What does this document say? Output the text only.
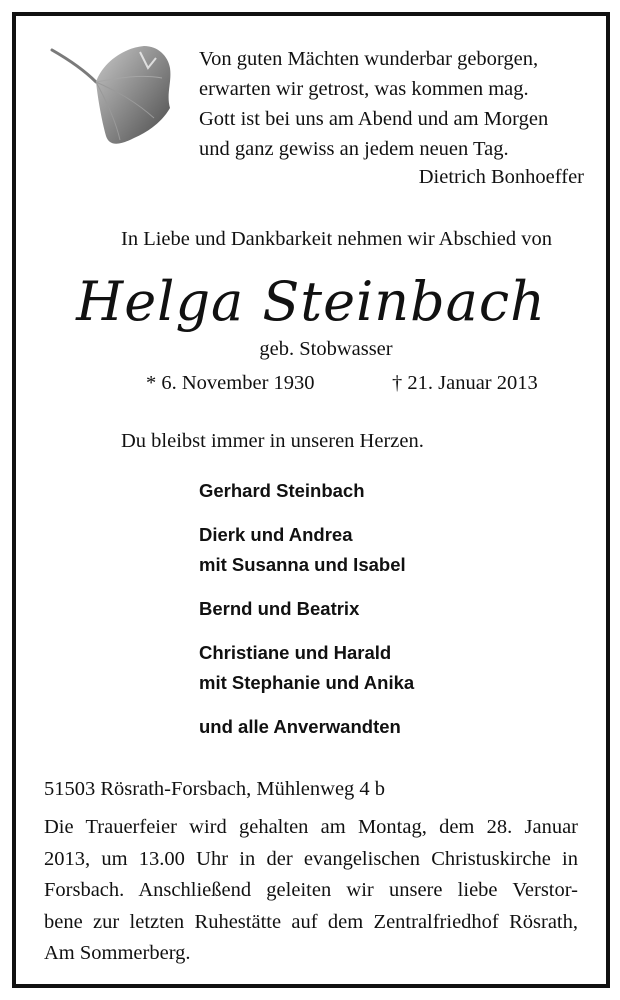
Von guten Mächten wunderbar geborgen,
erwarten wir getrost, was kommen mag.
Gott ist bei uns am Abend und am Morgen
und ganz gewiss an jedem neuen Tag.
Dietrich Bonhoeffer
In Liebe und Dankbarkeit nehmen wir Abschied von
Helga Steinbach
geb. Stobwasser
* 6. November 1930	† 21. Januar 2013
Du bleibst immer in unseren Herzen.
Gerhard Steinbach
Dierk und Andrea
mit Susanna und Isabel
Bernd und Beatrix
Christiane und Harald
mit Stephanie und Anika
und alle Anverwandten
51503 Rösrath-Forsbach, Mühlenweg 4 b
Die Trauerfeier wird gehalten am Montag, dem 28. Januar
2013, um 13.00 Uhr in der evangelischen Christuskirche in
Forsbach. Anschließend geleiten wir unsere liebe Verstor-
bene zur letzten Ruhestätte auf dem Zentralfriedhof Rösrath,
Am Sommerberg.
